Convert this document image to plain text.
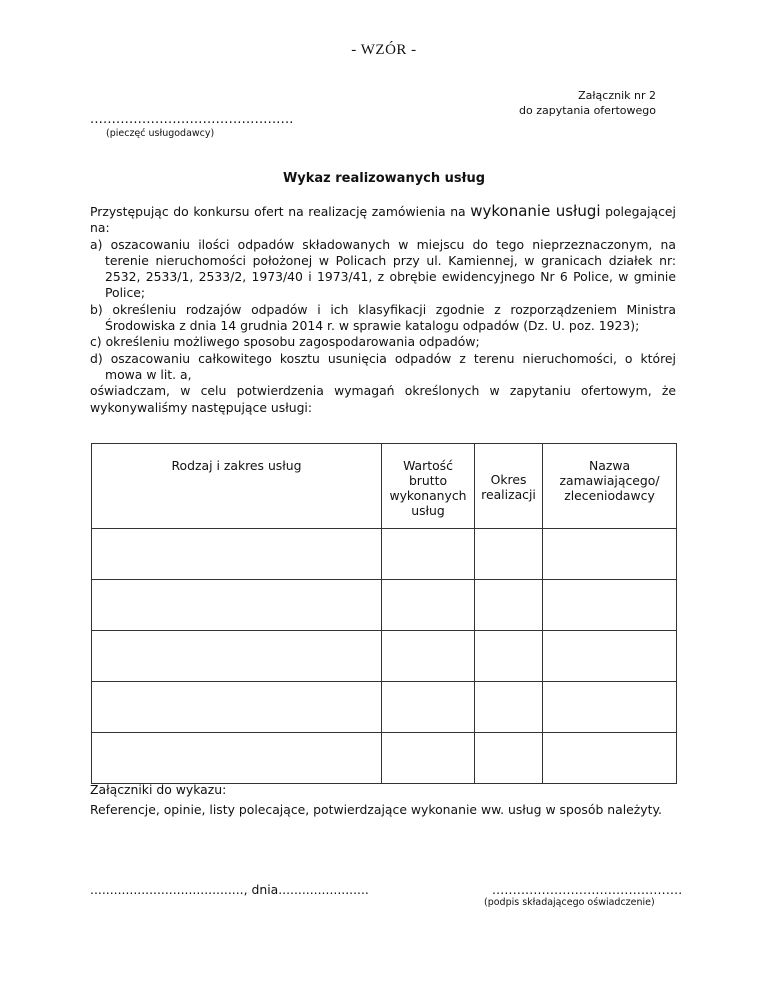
- WZÓR -
Załącznik nr 2
do zapytania ofertowego
...............................................
(pieczęć usługodawcy)
Wykaz realizowanych usług

Przystępując do konkursu ofert na realizację zamówienia na wykonanie usługi polegającej na:

a) oszacowaniu ilości odpadów składowanych w miejscu do tego nieprzeznaczonym, na terenie nieruchomości położonej w Policach przy ul. Kamiennej, w granicach działek nr: 2532, 2533/1, 2533/2, 1973/40 i 1973/41, z obrębie ewidencyjnego Nr 6 Police, w gminie Police;

b) określeniu rodzajów odpadów i ich klasyfikacji zgodnie z rozporządzeniem Ministra Środowiska z dnia 14 grudnia 2014 r. w sprawie katalogu odpadów (Dz. U. poz. 1923);

c) określeniu możliwego sposobu zagospodarowania odpadów;

d) oszacowaniu całkowitego kosztu usunięcia odpadów z terenu nieruchomości, o której mowa w lit. a,

oświadczam, w celu potwierdzenia wymagań określonych w zapytaniu ofertowym, że wykonywaliśmy następujące usługi:

Rodzaj i zakres usług	Wartość brutto wykonanych usług	Okres realizacji	Nazwa zamawiającego/ zleceniodawcy

Załączniki do wykazu:

Referencje, opinie, listy polecające, potwierdzające wykonanie ww. usług w sposób należyty.

......................................., dnia.......................	..............................................
(podpis składającego oświadczenie)
